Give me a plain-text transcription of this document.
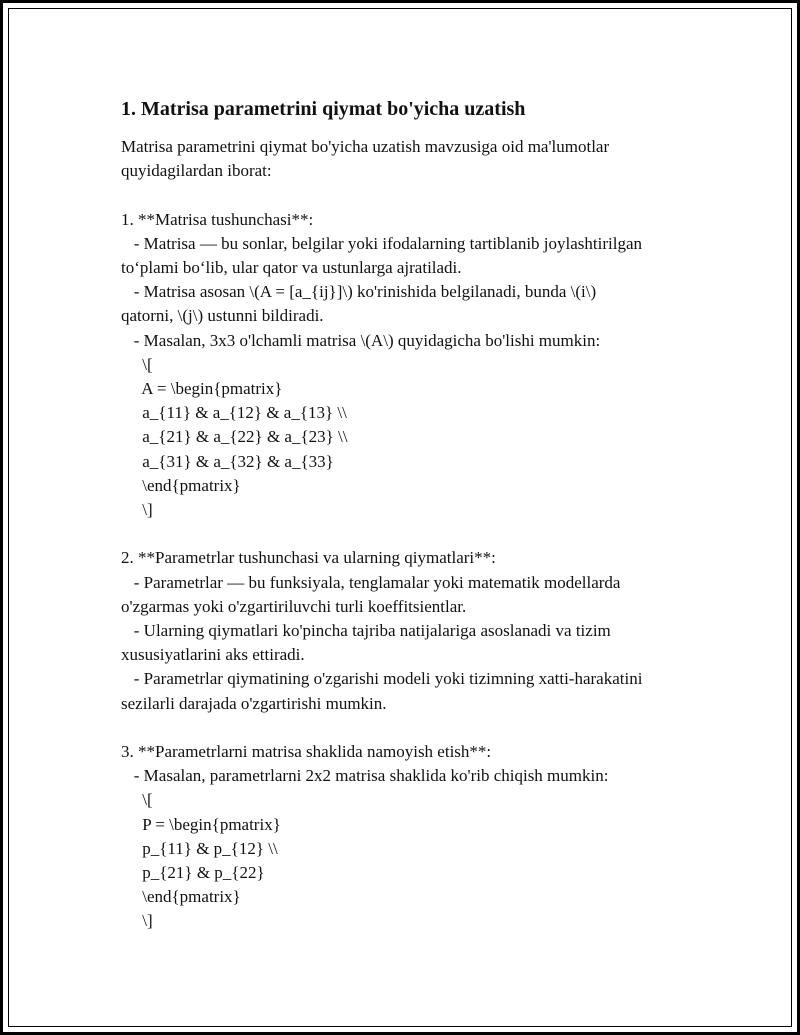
1. Matrisa parametrini qiymat bo'yicha uzatish
Matrisa parametrini qiymat bo'yicha uzatish mavzusiga oid ma'lumotlar
quyidagilardan iborat:
1. **Matrisa tushunchasi**:
- Matrisa — bu sonlar, belgilar yoki ifodalarning tartiblanib joylashtirilgan
to‘plami bo‘lib, ular qator va ustunlarga ajratiladi.
- Matrisa asosan \(A = [a_{ij}]\) ko'rinishida belgilanadi, bunda \(i\)
qatorni, \(j\) ustunni bildiradi.
- Masalan, 3x3 o'lchamli matrisa \(A\) quyidagicha bo'lishi mumkin:
\[
A = \begin{pmatrix}
a_{11} & a_{12} & a_{13} \\
a_{21} & a_{22} & a_{23} \\
a_{31} & a_{32} & a_{33}
\end{pmatrix}
\]
2. **Parametrlar tushunchasi va ularning qiymatlari**:
- Parametrlar — bu funksiyala, tenglamalar yoki matematik modellarda
o'zgarmas yoki o'zgartiriluvchi turli koeffitsientlar.
- Ularning qiymatlari ko'pincha tajriba natijalariga asoslanadi va tizim
xususiyatlarini aks ettiradi.
- Parametrlar qiymatining o'zgarishi modeli yoki tizimning xatti-harakatini
sezilarli darajada o'zgartirishi mumkin.
3. **Parametrlarni matrisa shaklida namoyish etish**:
- Masalan, parametrlarni 2x2 matrisa shaklida ko'rib chiqish mumkin:
\[
P = \begin{pmatrix}
p_{11} & p_{12} \\
p_{21} & p_{22}
\end{pmatrix}
\]
